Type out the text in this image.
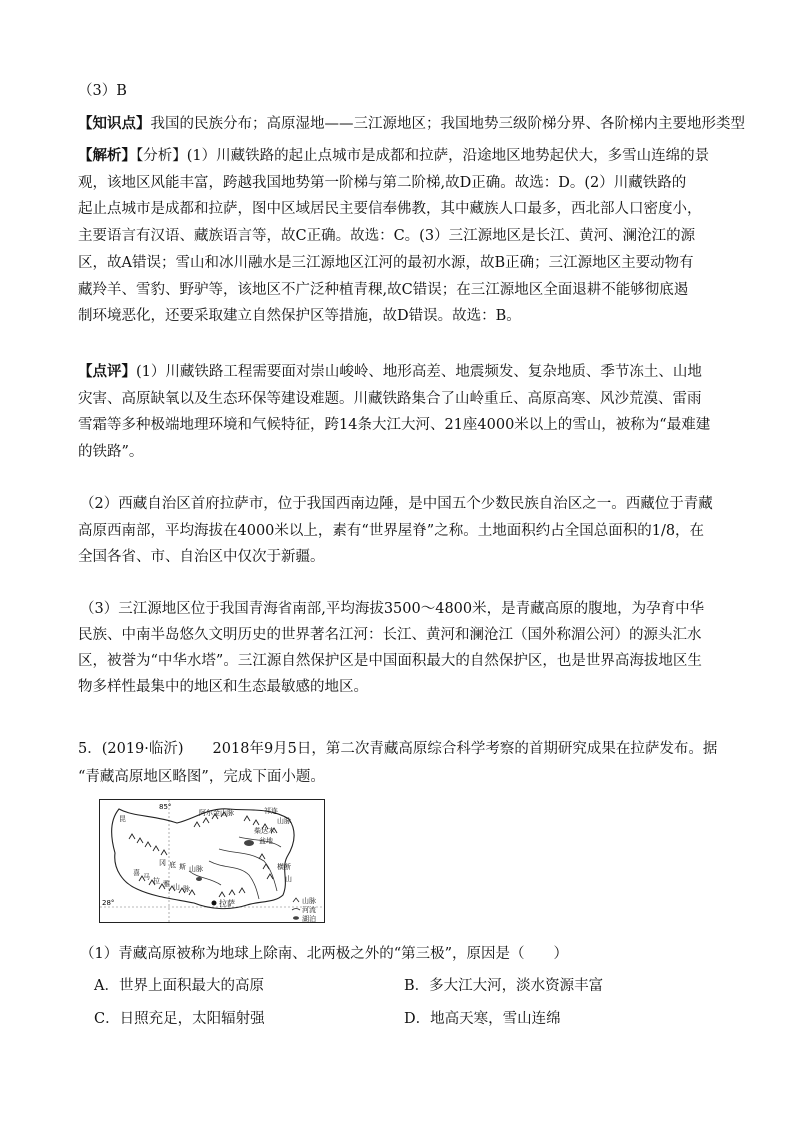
（3）B
【知识点】我国的民族分布；高原湿地——三江源地区；我国地势三级阶梯分界、各阶梯内主要地形类型
【解析】【分析】(1）川藏铁路的起止点城市是成都和拉萨，沿途地区地势起伏大，多雪山连绵的景
观，该地区风能丰富，跨越我国地势第一阶梯与第二阶梯,故D正确。故选：D。(2）川藏铁路的
起止点城市是成都和拉萨，图中区域居民主要信奉佛教，其中藏族人口最多，西北部人口密度小，
主要语言有汉语、藏族语言等，故C正确。故选：C。(3）三江源地区是长江、黄河、澜沧江的源
区，故A错误；雪山和冰川融水是三江源地区江河的最初水源，故B正确；三江源地区主要动物有
藏羚羊、雪豹、野驴等，该地区不广泛种植青稞,故C错误；在三江源地区全面退耕不能够彻底遏
制环境恶化，还要采取建立自然保护区等措施，故D错误。故选：B。
【点评】(1）川藏铁路工程需要面对崇山峻岭、地形高差、地震频发、复杂地质、季节冻土、山地
灾害、高原缺氧以及生态环保等建设难题。川藏铁路集合了山岭重丘、高原高寒、风沙荒漠、雷雨
雪霜等多种极端地理环境和气候特征，跨14条大江大河、21座4000米以上的雪山，被称为“最难建
的铁路”。
（2）西藏自治区首府拉萨市，位于我国西南边陲，是中国五个少数民族自治区之一。西藏位于青藏
高原西南部，平均海拔在4000米以上，素有“世界屋脊”之称。土地面积约占全国总面积的1/8，在
全国各省、市、自治区中仅次于新疆。
（3）三江源地区位于我国青海省南部,平均海拔3500～4800米，是青藏高原的腹地，为孕育中华
民族、中南半岛悠久文明历史的世界著名江河：长江、黄河和澜沧江（国外称湄公河）的源头汇水
区，被誉为“中华水塔”。三江源自然保护区是中国面积最大的自然保护区，也是世界高海拔地区生
物多样性最集中的地区和生态最敏感的地区。
5．(2019·临沂)　　2018年9月5日，第二次青藏高原综合科学考察的首期研究成果在拉萨发布。据
“青藏高原地区略图”，完成下面小题。
85°
28°	拉萨
昆
阿尔金山脉	祁连
山脉
柴达木
盆地
喜 马 拉 雅 山 脉
冈 底 斯 山脉	横断
山
山脉
河流
湖泊
（1）青藏高原被称为地球上除南、北两极之外的“第三极”，原因是（　　）
A．世界上面积最大的高原	B．多大江大河，淡水资源丰富
C．日照充足，太阳辐射强	D．地高天寒，雪山连绵
